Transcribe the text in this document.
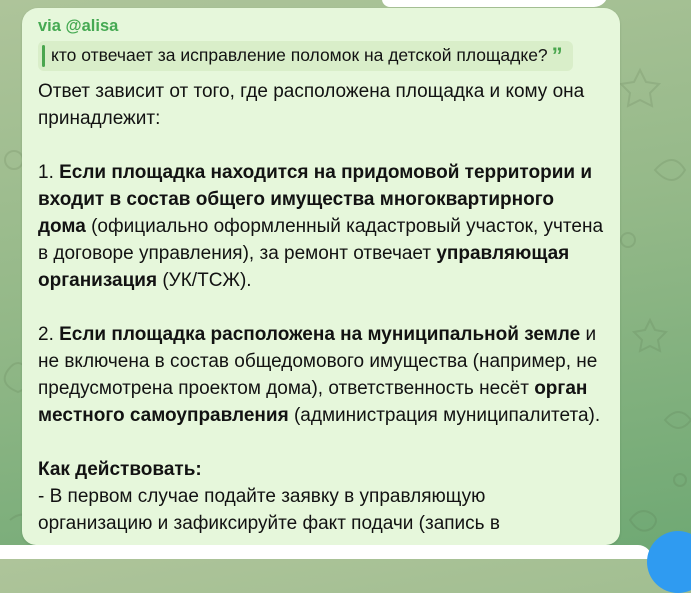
via @alisa
кто отвечает за исправление поломок на детской площадке? ”

Ответ зависит от того, где расположена площадка и кому она принадлежит:

1. Если площадка находится на придомовой территории и входит в состав общего имущества многоквартирного дома (официально оформленный кадастровый участок, учтена в договоре управления), за ремонт отвечает управляющая организация (УК/ТСЖ).

2. Если площадка расположена на муниципальной земле и не включена в состав общедомового имущества (например, не предусмотрена проектом дома), ответственность несёт орган местного самоуправления (администрация муниципалитета).

Как действовать:

- В первом случае подайте заявку в управляющую организацию и зафиксируйте факт подачи (запись в
